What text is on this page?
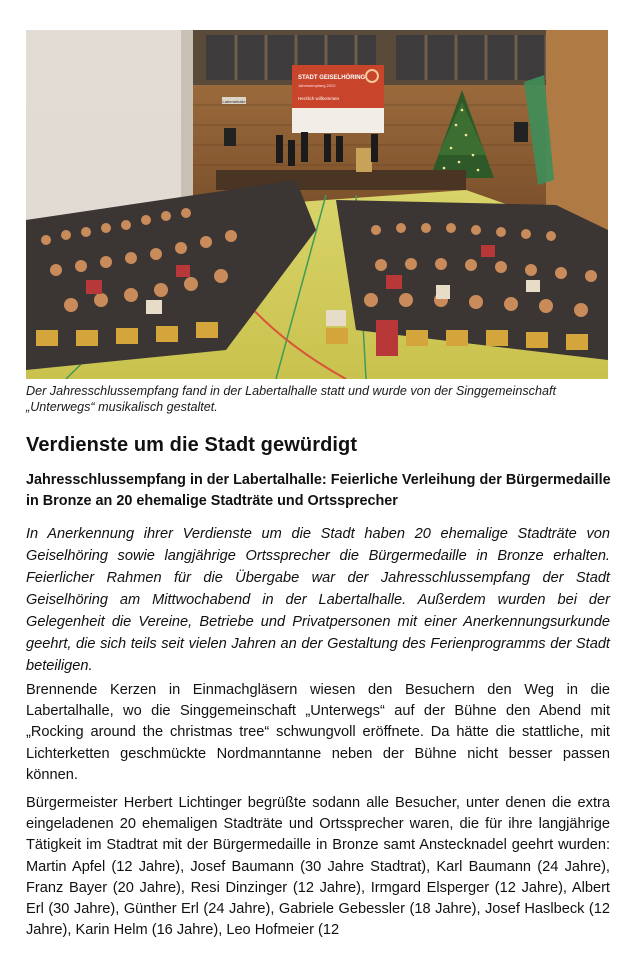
Labertalhalle
STADT GEISELHÖRING
Jahresempfang 2022
Herzlich willkommen
Der Jahresschlussempfang fand in der Labertalhalle statt und wurde von der Singgemeinschaft „Unterwegs“ musikalisch gestaltet.
Verdienste um die Stadt gewürdigt
Jahresschlussempfang in der Labertalhalle: Feierliche Verleihung der Bürgermedaille in Bronze an 20 ehemalige Stadträte und Ortssprecher

In Anerkennung ihrer Verdienste um die Stadt haben 20 ehemalige Stadträte von Geiselhöring sowie langjährige Ortssprecher die Bürgermedaille in Bronze erhalten. Feierlicher Rahmen für die Übergabe war der Jahresschlussempfang der Stadt Geiselhöring am Mittwochabend in der Labertalhalle. Außerdem wurden bei der Gelegenheit die Vereine, Betriebe und Privatpersonen mit einer Anerkennungsurkunde geehrt, die sich teils seit vielen Jahren an der Gestaltung des Ferienprogramms der Stadt beteiligen.

Brennende Kerzen in Einmachgläsern wiesen den Besuchern den Weg in die Labertalhalle, wo die Singgemeinschaft „Unterwegs“ auf der Bühne den Abend mit „Rocking around the christmas tree“ schwungvoll eröffnete. Da hätte die stattliche, mit Lichterketten geschmückte Nordmanntanne neben der Bühne nicht besser passen können.

Bürgermeister Herbert Lichtinger begrüßte sodann alle Besucher, unter denen die extra eingeladenen 20 ehemaligen Stadträte und Ortssprecher waren, die für ihre langjährige Tätigkeit im Stadtrat mit der Bürgermedaille in Bronze samt Anstecknadel geehrt wurden: Martin Apfel (12 Jahre), Josef Baumann (30 Jahre Stadtrat), Karl Baumann (24 Jahre), Franz Bayer (20 Jahre), Resi Dinzinger (12 Jahre), Irmgard Elsperger (12 Jahre), Albert Erl (30 Jahre), Günther Erl (24 Jahre), Gabriele Gebessler (18 Jahre), Josef Haslbeck (12 Jahre), Karin Helm (16 Jahre), Leo Hofmeier (12
